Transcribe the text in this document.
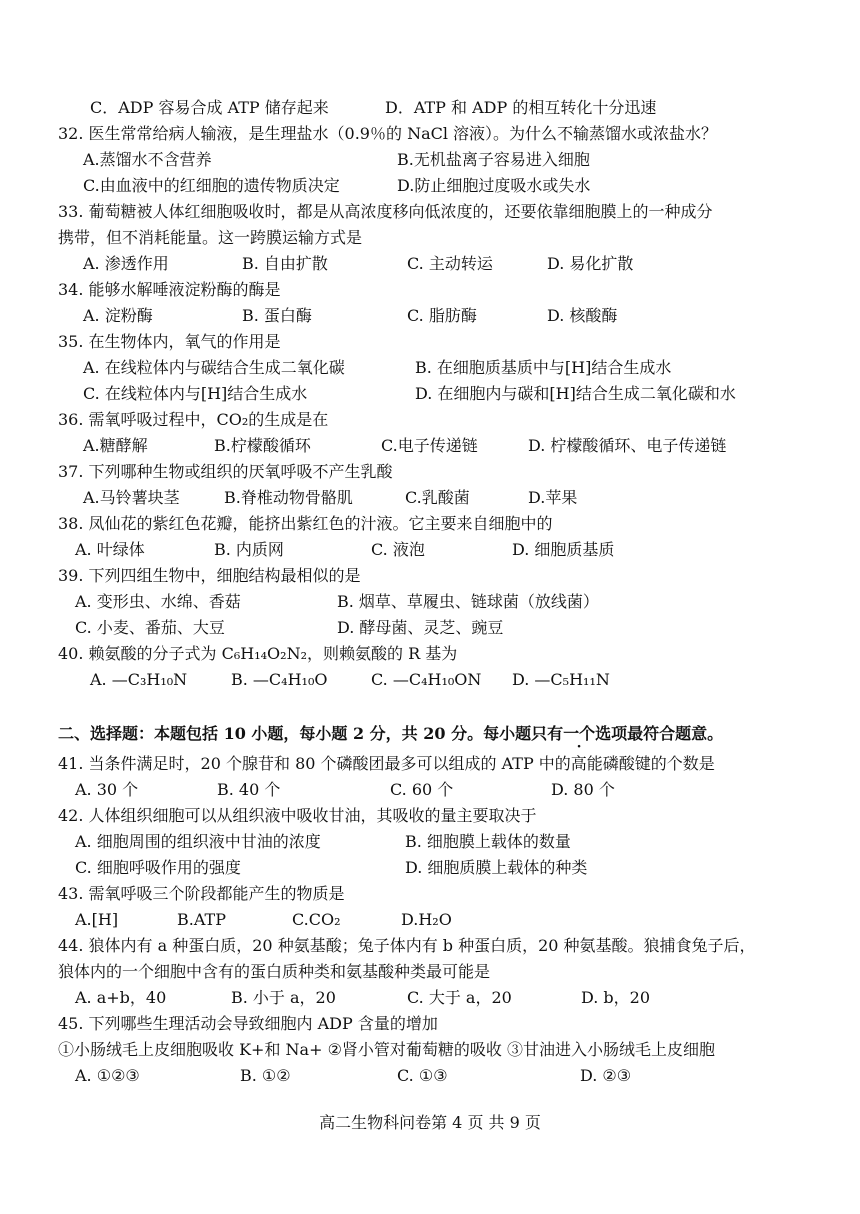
C．ADP 容易合成 ATP 储存起来	D．ATP 和 ADP 的相互转化十分迅速
32. 医生常常给病人输液，是生理盐水（0.9％的 NaCl 溶液）。为什么不输蒸馏水或浓盐水？
A.蒸馏水不含营养	B.无机盐离子容易进入细胞
C.由血液中的红细胞的遗传物质决定	D.防止细胞过度吸水或失水
33. 葡萄糖被人体红细胞吸收时，都是从高浓度移向低浓度的，还要依靠细胞膜上的一种成分
携带，但不消耗能量。这一跨膜运输方式是
A. 渗透作用	B. 自由扩散	C. 主动转运	D. 易化扩散
34. 能够水解唾液淀粉酶的酶是
A. 淀粉酶	B. 蛋白酶	C. 脂肪酶	D. 核酸酶
35. 在生物体内，氧气的作用是
A. 在线粒体内与碳结合生成二氧化碳	B. 在细胞质基质中与[H]结合生成水
C. 在线粒体内与[H]结合生成水	D. 在细胞内与碳和[H]结合生成二氧化碳和水
36. 需氧呼吸过程中，CO₂的生成是在
A.糖酵解	B.柠檬酸循环	C.电子传递链	D. 柠檬酸循环、电子传递链
37. 下列哪种生物或组织的厌氧呼吸不产生乳酸
A.马铃薯块茎	B.脊椎动物骨骼肌	C.乳酸菌	D.苹果
38. 凤仙花的紫红色花瓣，能挤出紫红色的汁液。它主要来自细胞中的
A. 叶绿体	B. 内质网	C. 液泡	D. 细胞质基质
39. 下列四组生物中，细胞结构最相似的是
A. 变形虫、水绵、香菇	B. 烟草、草履虫、链球菌（放线菌）
C. 小麦、番茄、大豆	D. 酵母菌、灵芝、豌豆
40. 赖氨酸的分子式为 C₆H₁₄O₂N₂，则赖氨酸的 R 基为
A. —C₃H₁₀N	B. —C₄H₁₀O	C. —C₄H₁₀ON D. —C₅H₁₁N
二、选择题：本题包括 10 小题，每小题 2 分，共 20 分。每小题只有一个选项最符合题意。
41. 当条件满足时，20 个腺苷和 80 个磷酸团最多可以组成的 ATP 中的高能磷酸键的个数是
A. 30 个	B. 40 个	C. 60 个	D. 80 个
42. 人体组织细胞可以从组织液中吸收甘油，其吸收的量主要取决于
A. 细胞周围的组织液中甘油的浓度	B. 细胞膜上载体的数量
C. 细胞呼吸作用的强度	D. 细胞质膜上载体的种类
43. 需氧呼吸三个阶段都能产生的物质是
A.[H]	B.ATP	C.CO₂	D.H₂O
44. 狼体内有 a 种蛋白质，20 种氨基酸；兔子体内有 b 种蛋白质，20 种氨基酸。狼捕食兔子后，
狼体内的一个细胞中含有的蛋白质种类和氨基酸种类最可能是
A. a+b，40	B. 小于 a，20	C. 大于 a，20	D. b，20
45. 下列哪些生理活动会导致细胞内 ADP 含量的增加
①小肠绒毛上皮细胞吸收 K+和 Na+ ②肾小管对葡萄糖的吸收 ③甘油进入小肠绒毛上皮细胞
A. ①②③	B. ①②	C. ①③	D. ②③
高二生物科问卷第 4 页 共 9 页
